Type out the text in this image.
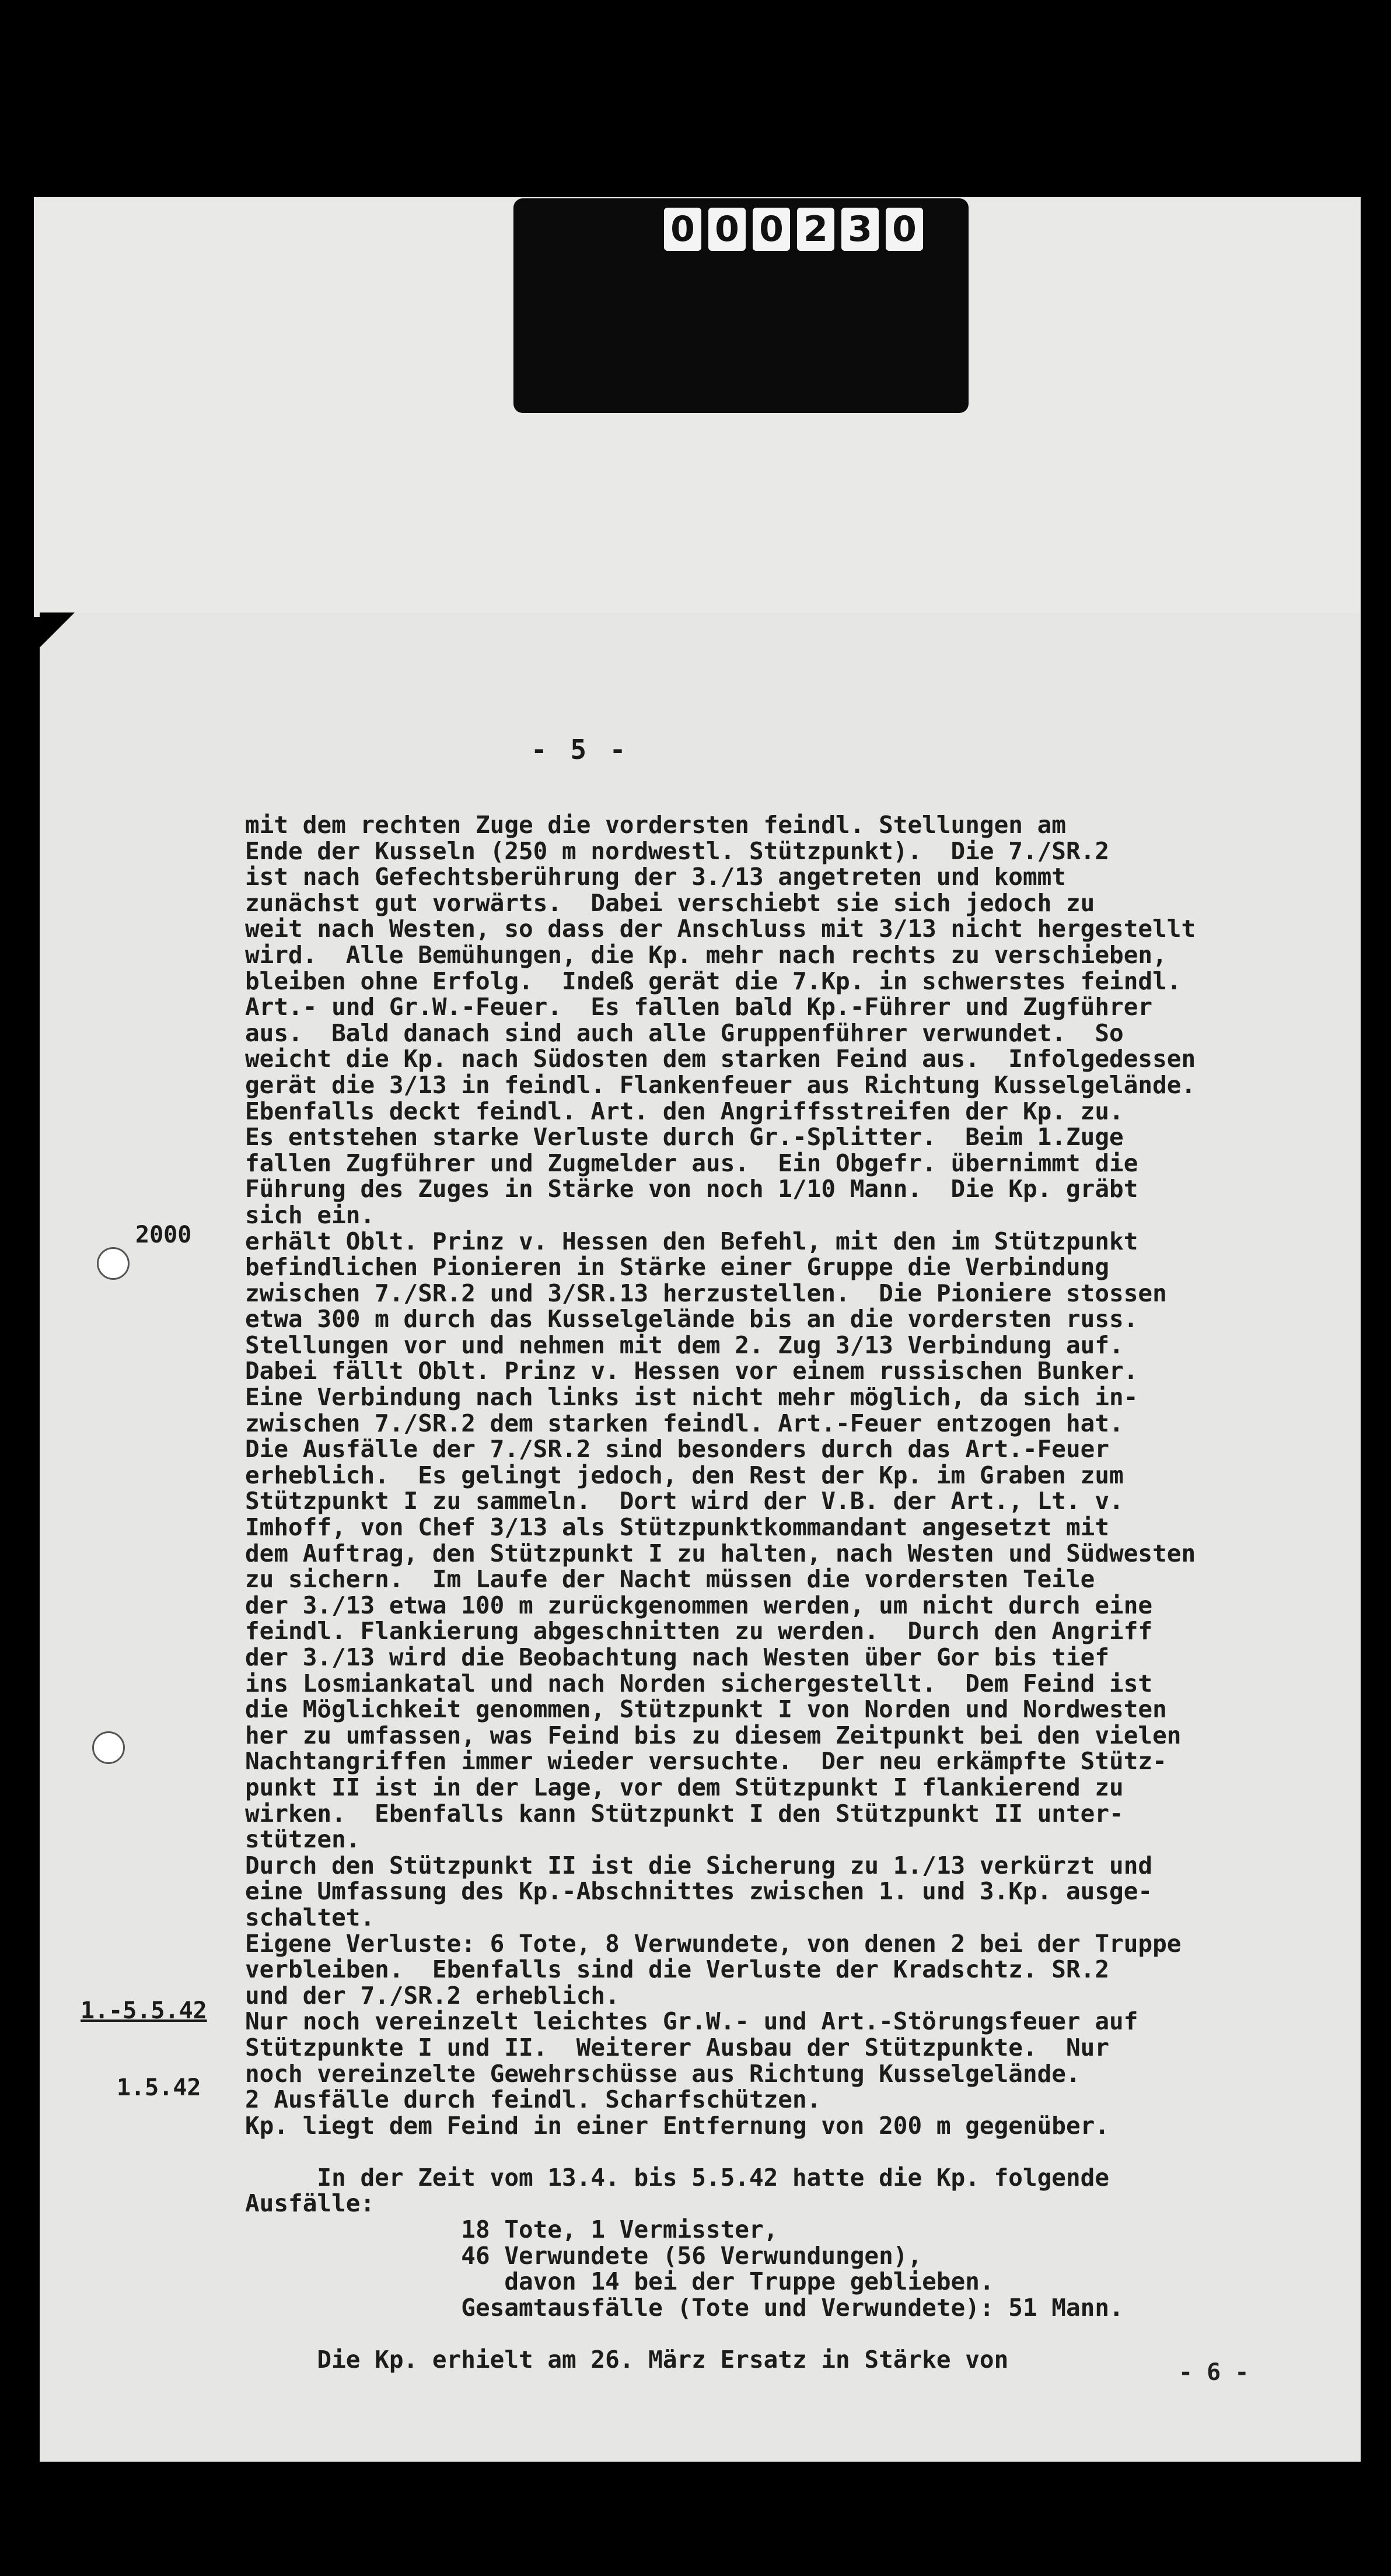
0 0 0 2 3 0
- 5 -
2000
1.-5.5.42
1.5.42
mit dem rechten Zuge die vordersten feindl. Stellungen am
Ende der Kusseln (250 m nordwestl. Stützpunkt).  Die 7./SR.2
ist nach Gefechtsberührung der 3./13 angetreten und kommt
zunächst gut vorwärts.  Dabei verschiebt sie sich jedoch zu
weit nach Westen, so dass der Anschluss mit 3/13 nicht hergestellt
wird.  Alle Bemühungen, die Kp. mehr nach rechts zu verschieben,
bleiben ohne Erfolg.  Indeß gerät die 7.Kp. in schwerstes feindl.
Art.- und Gr.W.-Feuer.  Es fallen bald Kp.-Führer und Zugführer
aus.  Bald danach sind auch alle Gruppenführer verwundet.  So
weicht die Kp. nach Südosten dem starken Feind aus.  Infolgedessen
gerät die 3/13 in feindl. Flankenfeuer aus Richtung Kusselgelände.
Ebenfalls deckt feindl. Art. den Angriffsstreifen der Kp. zu.
Es entstehen starke Verluste durch Gr.-Splitter.  Beim 1.Zuge
fallen Zugführer und Zugmelder aus.  Ein Obgefr. übernimmt die
Führung des Zuges in Stärke von noch 1/10 Mann.  Die Kp. gräbt
sich ein.
erhält Oblt. Prinz v. Hessen den Befehl, mit den im Stützpunkt
befindlichen Pionieren in Stärke einer Gruppe die Verbindung
zwischen 7./SR.2 und 3/SR.13 herzustellen.  Die Pioniere stossen
etwa 300 m durch das Kusselgelände bis an die vordersten russ.
Stellungen vor und nehmen mit dem 2. Zug 3/13 Verbindung auf.
Dabei fällt Oblt. Prinz v. Hessen vor einem russischen Bunker.
Eine Verbindung nach links ist nicht mehr möglich, da sich in-
zwischen 7./SR.2 dem starken feindl. Art.-Feuer entzogen hat.
Die Ausfälle der 7./SR.2 sind besonders durch das Art.-Feuer
erheblich.  Es gelingt jedoch, den Rest der Kp. im Graben zum
Stützpunkt I zu sammeln.  Dort wird der V.B. der Art., Lt. v.
Imhoff, von Chef 3/13 als Stützpunktkommandant angesetzt mit
dem Auftrag, den Stützpunkt I zu halten, nach Westen und Südwesten
zu sichern.  Im Laufe der Nacht müssen die vordersten Teile
der 3./13 etwa 100 m zurückgenommen werden, um nicht durch eine
feindl. Flankierung abgeschnitten zu werden.  Durch den Angriff
der 3./13 wird die Beobachtung nach Westen über Gor bis tief
ins Losmiankatal und nach Norden sichergestellt.  Dem Feind ist
die Möglichkeit genommen, Stützpunkt I von Norden und Nordwesten
her zu umfassen, was Feind bis zu diesem Zeitpunkt bei den vielen
Nachtangriffen immer wieder versuchte.  Der neu erkämpfte Stütz-
punkt II ist in der Lage, vor dem Stützpunkt I flankierend zu
wirken.  Ebenfalls kann Stützpunkt I den Stützpunkt II unter-
stützen.
Durch den Stützpunkt II ist die Sicherung zu 1./13 verkürzt und
eine Umfassung des Kp.-Abschnittes zwischen 1. und 3.Kp. ausge-
schaltet.
Eigene Verluste: 6 Tote, 8 Verwundete, von denen 2 bei der Truppe
verbleiben.  Ebenfalls sind die Verluste der Kradschtz. SR.2
und der 7./SR.2 erheblich.
Nur noch vereinzelt leichtes Gr.W.- und Art.-Störungsfeuer auf
Stützpunkte I und II.  Weiterer Ausbau der Stützpunkte.  Nur
noch vereinzelte Gewehrschüsse aus Richtung Kusselgelände.
2 Ausfälle durch feindl. Scharfschützen.
Kp. liegt dem Feind in einer Entfernung von 200 m gegenüber.
In der Zeit vom 13.4. bis 5.5.42 hatte die Kp. folgende
Ausfälle:
18 Tote, 1 Vermisster,
46 Verwundete (56 Verwundungen),
davon 14 bei der Truppe geblieben.
Gesamtausfälle (Tote und Verwundete): 51 Mann.
Die Kp. erhielt am 26. März Ersatz in Stärke von	- 6 -
